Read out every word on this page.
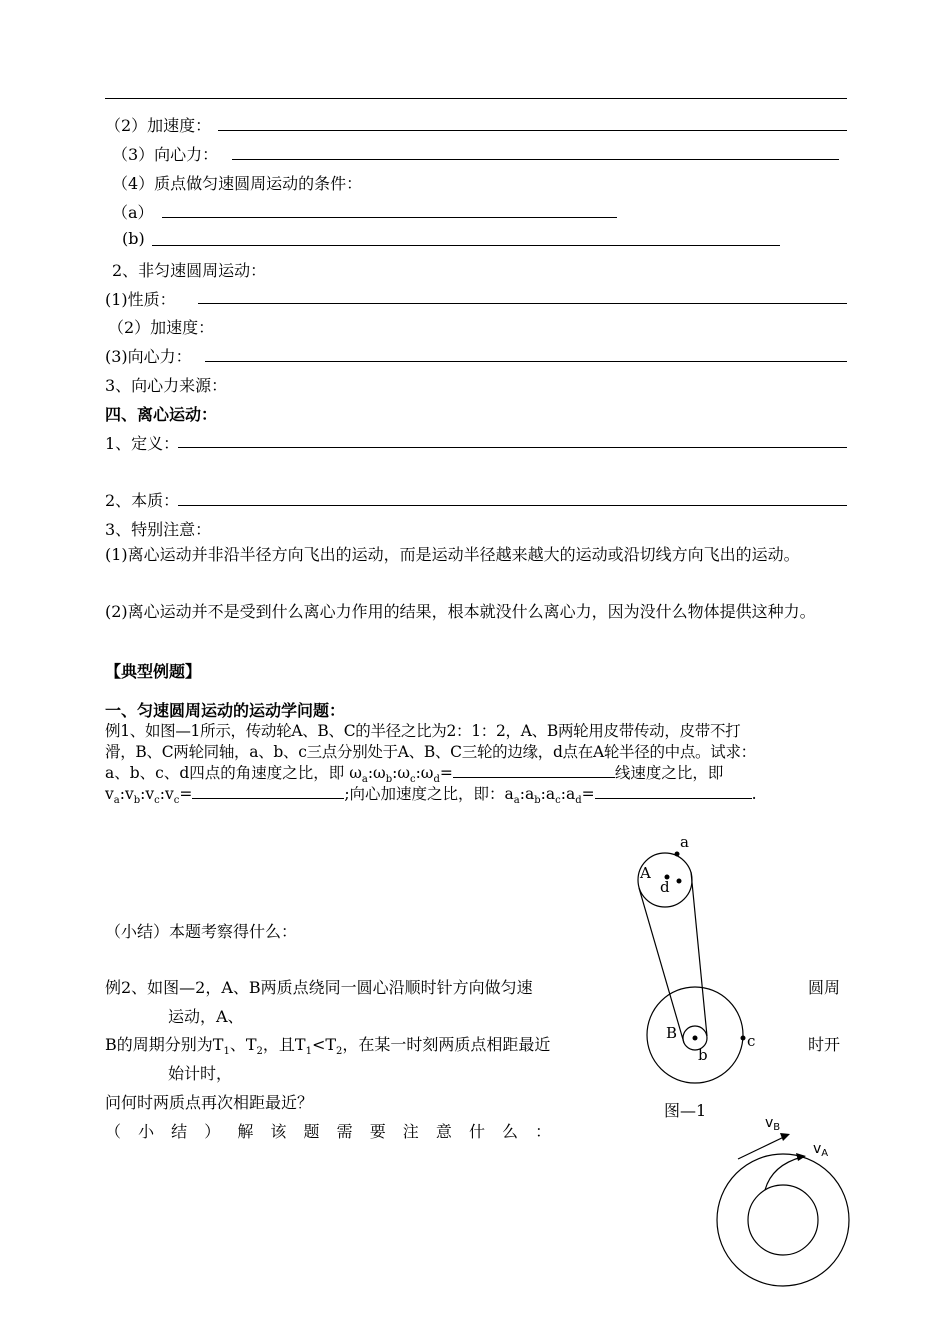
（2）加速度：
（3）向心力：
（4）质点做匀速圆周运动的条件：
（a）
(b)
2、非匀速圆周运动：
(1)性质：
（2）加速度：
(3)向心力：
3、向心力来源：
四、离心运动：
1、定义：
2、本质：
3、特别注意：
(1)离心运动并非沿半径方向飞出的运动，而是运动半径越来越大的运动或沿切线方向飞出的运动。
(2)离心运动并不是受到什么离心力作用的结果，根本就没什么离心力，因为没什么物体提供这种力。
【典型例题】
一、匀速圆周运动的运动学问题：
例1、如图—1所示，传动轮A、B、C的半径之比为2：1：2，A、B两轮用皮带传动，皮带不打
滑，B、C两轮同轴，a、b、c三点分别处于A、B、C三轮的边缘，d点在A轮半径的中点。试求：
a、b、c、d四点的角速度之比，即 $\omega_a:\omega_b:\omega_c:\omega_d=$	线速度之比，即
$v_a:v_b:v_c:v_c=$	;向心加速度之比，即：$a_a:a_b:a_c:a_d=$	.
（小结）本题考察得什么：
例2、如图—2，A、B两质点绕同一圆心沿顺时针方向做匀速	圆周
运动，A、
B的周期分别为$T_1$、$T_2$，且$T_1<T_2$，在某一时刻两质点相距最近	时开
始计时，
问何时两质点再次相距最近？
（ 小 结 ） 解 该 题 需 要 注 意 什 么 ：
a
A
d
B
b
c
图—1
$v_B$
$v_A$
